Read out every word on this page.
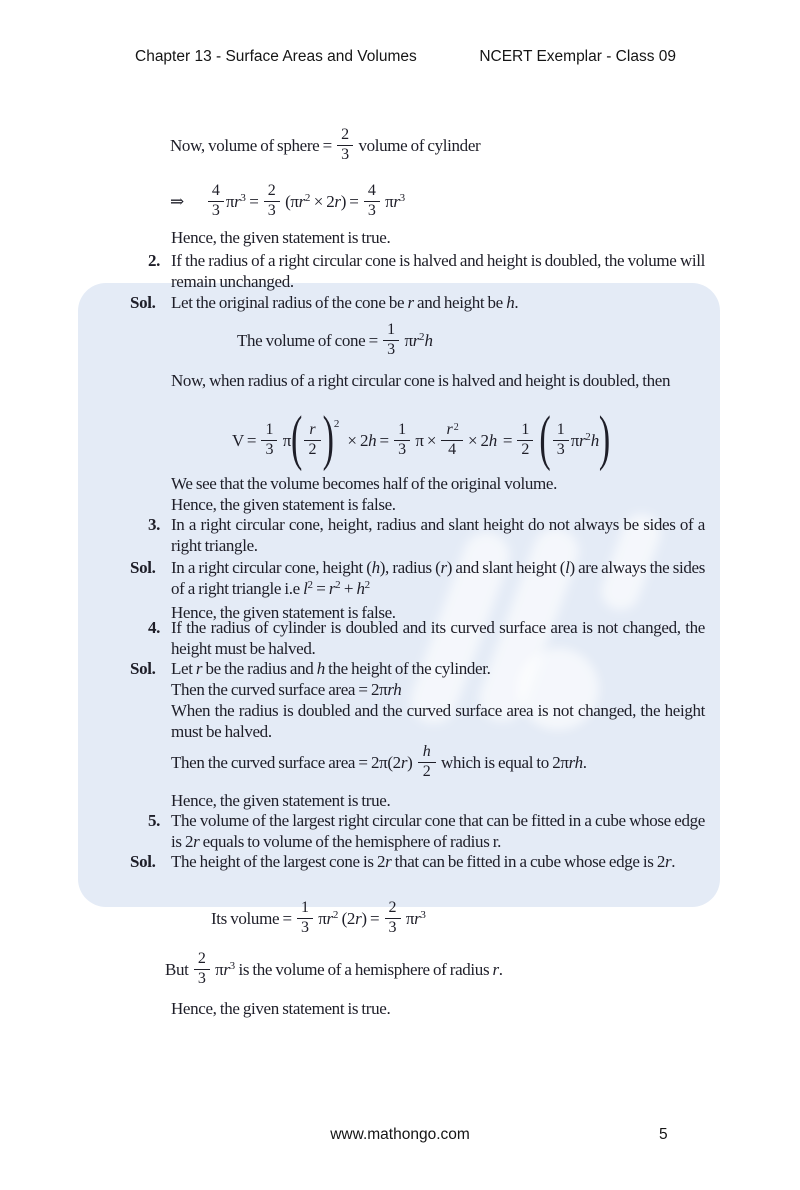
Chapter 13 - Surface Areas and Volumes	NCERT Exemplar - Class 09
Now, volume of sphere = $\frac{2}{3}$ volume of cylinder
⇒ $\frac{4}{3} \pi r^3 = \frac{2}{3} (\pi r^2 \times 2r) = \frac{4}{3} \pi r^3$
Hence, the given statement is true.
2. If the radius of a right circular cone is halved and height is doubled, the volume will remain unchanged.
Sol. Let the original radius of the cone be r and height be h.
The volume of cone = $\frac{1}{3} \pi r^2h$
Now, when radius of a right circular cone is halved and height is doubled, then
$V = \frac{1}{3} \pi( \frac{r}{2} )^2\times 2h = \frac{1}{3}$ $\pi \times \frac{r^2}{4} \times 2h = \frac{1}{2}$ ( $\frac{1}{3} \pi r^2h$)
We see that the volume becomes half of the original volume.
Hence, the given statement is false.
3. In a right circular cone, height, radius and slant height do not always be sides of a right triangle.
Sol. In a right circular cone, height (h), radius (r) and slant height (l) are always the sides of a right triangle i.e $l^2 = r^2 + h^2$
Hence, the given statement is false.
4. If the radius of cylinder is doubled and its curved surface area is not changed, the height must be halved.
Sol. Let r be the radius and h the height of the cylinder.
Then the curved surface area = 2πrh
When the radius is doubled and the curved surface area is not changed, the height must be halved.
Then the curved surface area = $2\pi(2r) \frac{h}{2}$ which is equal to 2πrh.
Hence, the given statement is true.
5. The volume of the largest right circular cone that can be fitted in a cube whose edge is 2r equals to volume of the hemisphere of radius r.
Sol. The height of the largest cone is 2r that can be fitted in a cube whose edge is 2r.
Its volume = $\frac{1}{3} \pi r^2$ $(2r) = \frac{2}{3} \pi r^3$
But $\frac{2}{3} \pi r^3$ is the volume of a hemisphere of radius r.
Hence, the given statement is true.
www.mathongo.com	5
